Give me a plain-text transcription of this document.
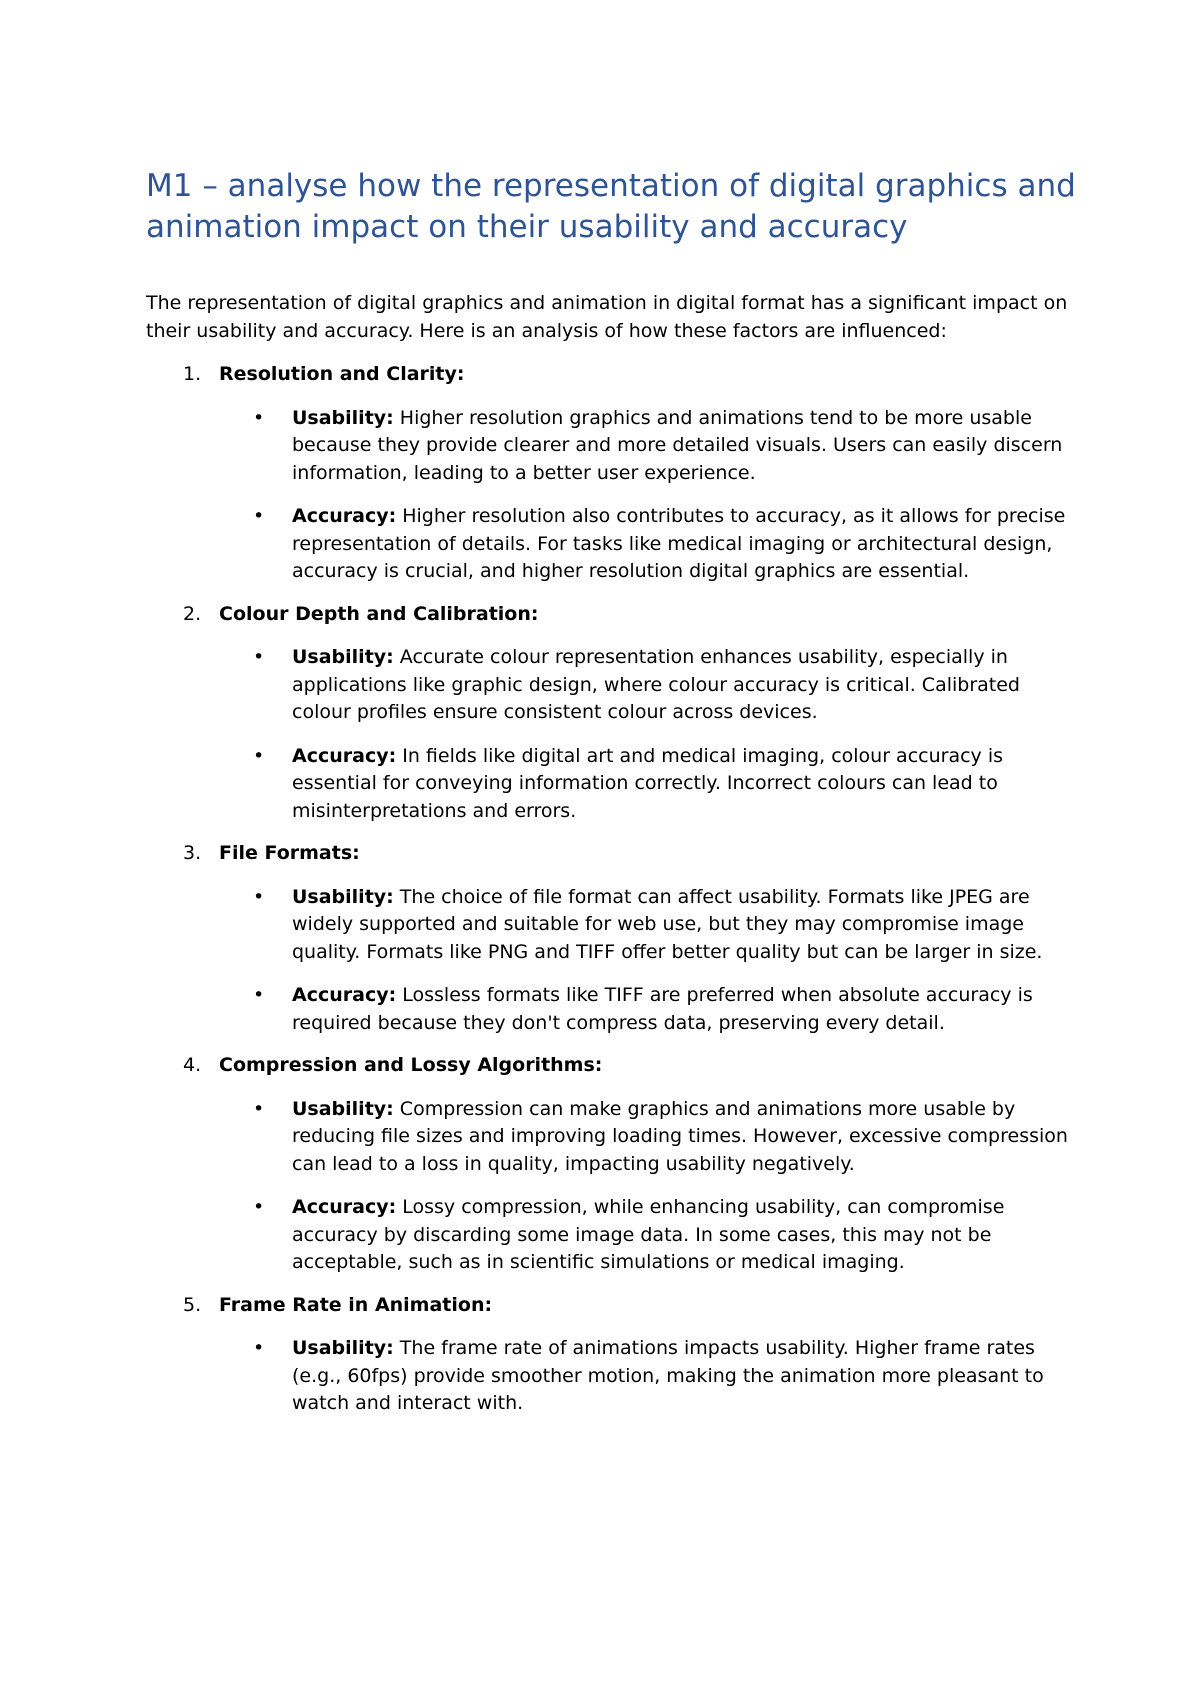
M1 – analyse how the representation of digital graphics and animation impact on their usability and accuracy

The representation of digital graphics and animation in digital format has a significant impact on their usability and accuracy. Here is an analysis of how these factors are influenced:

1. Resolution and Clarity:
• Usability: Higher resolution graphics and animations tend to be more usable because they provide clearer and more detailed visuals. Users can easily discern information, leading to a better user experience.
• Accuracy: Higher resolution also contributes to accuracy, as it allows for precise representation of details. For tasks like medical imaging or architectural design, accuracy is crucial, and higher resolution digital graphics are essential.
2. Colour Depth and Calibration:
• Usability: Accurate colour representation enhances usability, especially in applications like graphic design, where colour accuracy is critical. Calibrated colour profiles ensure consistent colour across devices.
• Accuracy: In fields like digital art and medical imaging, colour accuracy is essential for conveying information correctly. Incorrect colours can lead to misinterpretations and errors.
3. File Formats:
• Usability: The choice of file format can affect usability. Formats like JPEG are widely supported and suitable for web use, but they may compromise image quality. Formats like PNG and TIFF offer better quality but can be larger in size.
• Accuracy: Lossless formats like TIFF are preferred when absolute accuracy is required because they don't compress data, preserving every detail.
4. Compression and Lossy Algorithms:
• Usability: Compression can make graphics and animations more usable by reducing file sizes and improving loading times. However, excessive compression can lead to a loss in quality, impacting usability negatively.
• Accuracy: Lossy compression, while enhancing usability, can compromise accuracy by discarding some image data. In some cases, this may not be acceptable, such as in scientific simulations or medical imaging.
5. Frame Rate in Animation:
• Usability: The frame rate of animations impacts usability. Higher frame rates (e.g., 60fps) provide smoother motion, making the animation more pleasant to watch and interact with.
